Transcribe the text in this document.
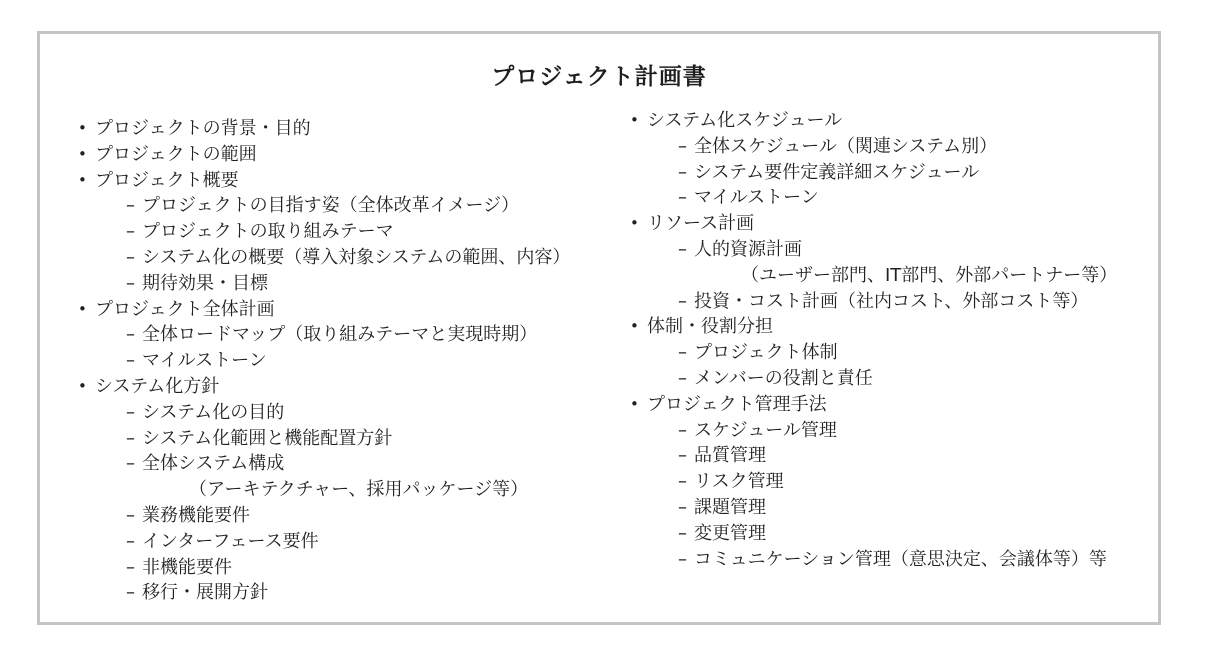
プロジェクト計画書
• プロジェクトの背景・目的
• プロジェクトの範囲
• プロジェクト概要
– プロジェクトの目指す姿（全体改革イメージ）
– プロジェクトの取り組みテーマ
– システム化の概要（導入対象システムの範囲、内容）
– 期待効果・目標
• プロジェクト全体計画
– 全体ロードマップ（取り組みテーマと実現時期）
– マイルストーン
• システム化方針
– システム化の目的
– システム化範囲と機能配置方針
– 全体システム構成
（アーキテクチャー、採用パッケージ等）
– 業務機能要件
– インターフェース要件
– 非機能要件
– 移行・展開方針
• システム化スケジュール
– 全体スケジュール（関連システム別）
– システム要件定義詳細スケジュール
– マイルストーン
• リソース計画
– 人的資源計画
（ユーザー部門、IT部門、外部パートナー等）
– 投資・コスト計画（社内コスト、外部コスト等）
• 体制・役割分担
– プロジェクト体制
– メンバーの役割と責任
• プロジェクト管理手法
– スケジュール管理
– 品質管理
– リスク管理
– 課題管理
– 変更管理
– コミュニケーション管理（意思決定、会議体等）等
